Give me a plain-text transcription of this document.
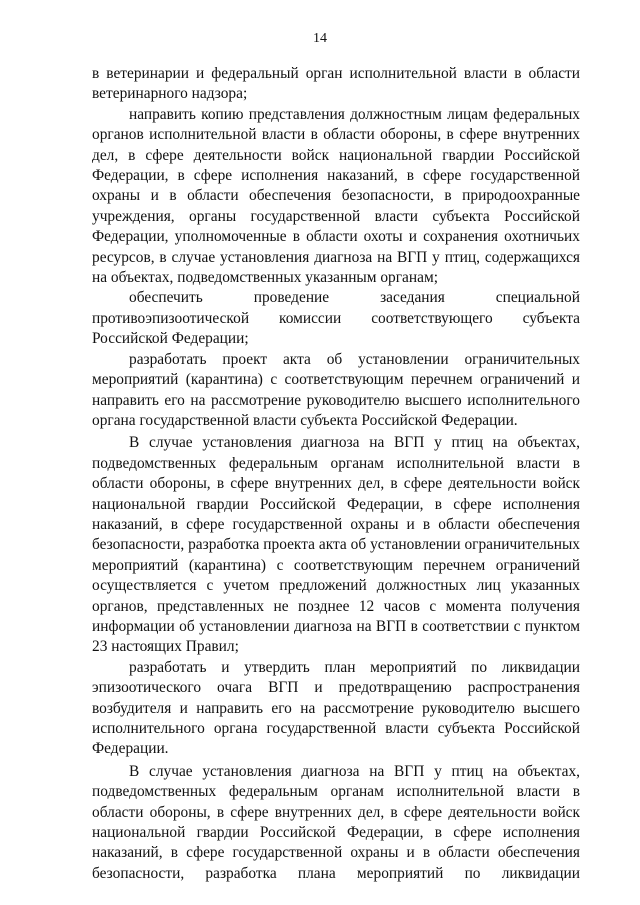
14

в ветеринарии и федеральный орган исполнительной власти в области ветеринарного надзора;

направить копию представления должностным лицам федеральных органов исполнительной власти в области обороны, в сфере внутренних дел, в сфере деятельности войск национальной гвардии Российской Федерации, в сфере исполнения наказаний, в сфере государственной охраны и в области обеспечения безопасности, в природоохранные учреждения, органы государственной власти субъекта Российской Федерации, уполномоченные в области охоты и сохранения охотничьих ресурсов, в случае установления диагноза на ВГП у птиц, содержащихся на объектах, подведомственных указанным органам;

обеспечить проведение заседания специальной противоэпизоотической комиссии соответствующего субъекта Российской Федерации;

разработать проект акта об установлении ограничительных мероприятий (карантина) с соответствующим перечнем ограничений и направить его на рассмотрение руководителю высшего исполнительного органа государственной власти субъекта Российской Федерации.

В случае установления диагноза на ВГП у птиц на объектах, подведомственных федеральным органам исполнительной власти в области обороны, в сфере внутренних дел, в сфере деятельности войск национальной гвардии Российской Федерации, в сфере исполнения наказаний, в сфере государственной охраны и в области обеспечения безопасности, разработка проекта акта об установлении ограничительных мероприятий (карантина) с соответствующим перечнем ограничений осуществляется с учетом предложений должностных лиц указанных органов, представленных не позднее 12 часов с момента получения информации об установлении диагноза на ВГП в соответствии с пунктом 23 настоящих Правил;

разработать и утвердить план мероприятий по ликвидации эпизоотического очага ВГП и предотвращению распространения возбудителя и направить его на рассмотрение руководителю высшего исполнительного органа государственной власти субъекта Российской Федерации.

В случае установления диагноза на ВГП у птиц на объектах, подведомственных федеральным органам исполнительной власти в области обороны, в сфере внутренних дел, в сфере деятельности войск национальной гвардии Российской Федерации, в сфере исполнения наказаний, в сфере государственной охраны и в области обеспечения безопасности, разработка плана мероприятий по ликвидации
